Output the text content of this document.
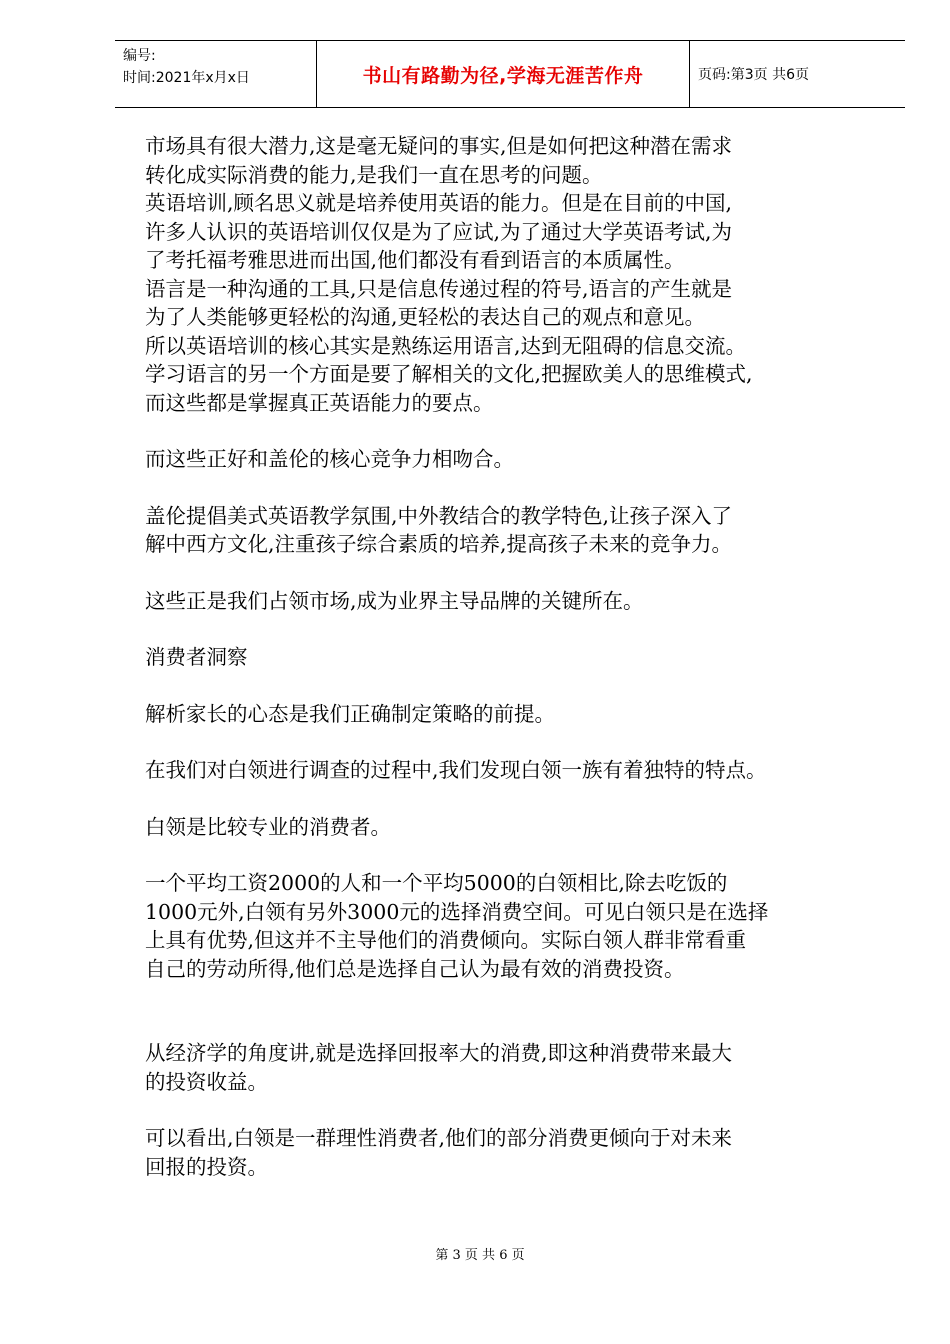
编号:
时间:2021年x月x日	书山有路勤为径,学海无涯苦作舟	页码:第3页 共6页

市场具有很大潜力,这是毫无疑问的事实,但是如何把这种潜在需求
转化成实际消费的能力,是我们一直在思考的问题。

英语培训,顾名思义就是培养使用英语的能力。但是在目前的中国,
许多人认识的英语培训仅仅是为了应试,为了通过大学英语考试,为
了考托福考雅思进而出国,他们都没有看到语言的本质属性。

语言是一种沟通的工具,只是信息传递过程的符号,语言的产生就是
为了人类能够更轻松的沟通,更轻松的表达自己的观点和意见。

所以英语培训的核心其实是熟练运用语言,达到无阻碍的信息交流。

学习语言的另一个方面是要了解相关的文化,把握欧美人的思维模式,
而这些都是掌握真正英语能力的要点。

而这些正好和盖伦的核心竞争力相吻合。

盖伦提倡美式英语教学氛围,中外教结合的教学特色,让孩子深入了
解中西方文化,注重孩子综合素质的培养,提高孩子未来的竞争力。

这些正是我们占领市场,成为业界主导品牌的关键所在。

消费者洞察

解析家长的心态是我们正确制定策略的前提。

在我们对白领进行调查的过程中,我们发现白领一族有着独特的特点。

白领是比较专业的消费者。

一个平均工资2000的人和一个平均5000的白领相比,除去吃饭的
1000元外,白领有另外3000元的选择消费空间。可见白领只是在选择
上具有优势,但这并不主导他们的消费倾向。实际白领人群非常看重
自己的劳动所得,他们总是选择自己认为最有效的消费投资。

从经济学的角度讲,就是选择回报率大的消费,即这种消费带来最大
的投资收益。

可以看出,白领是一群理性消费者,他们的部分消费更倾向于对未来
回报的投资。

第 3 页 共 6 页
